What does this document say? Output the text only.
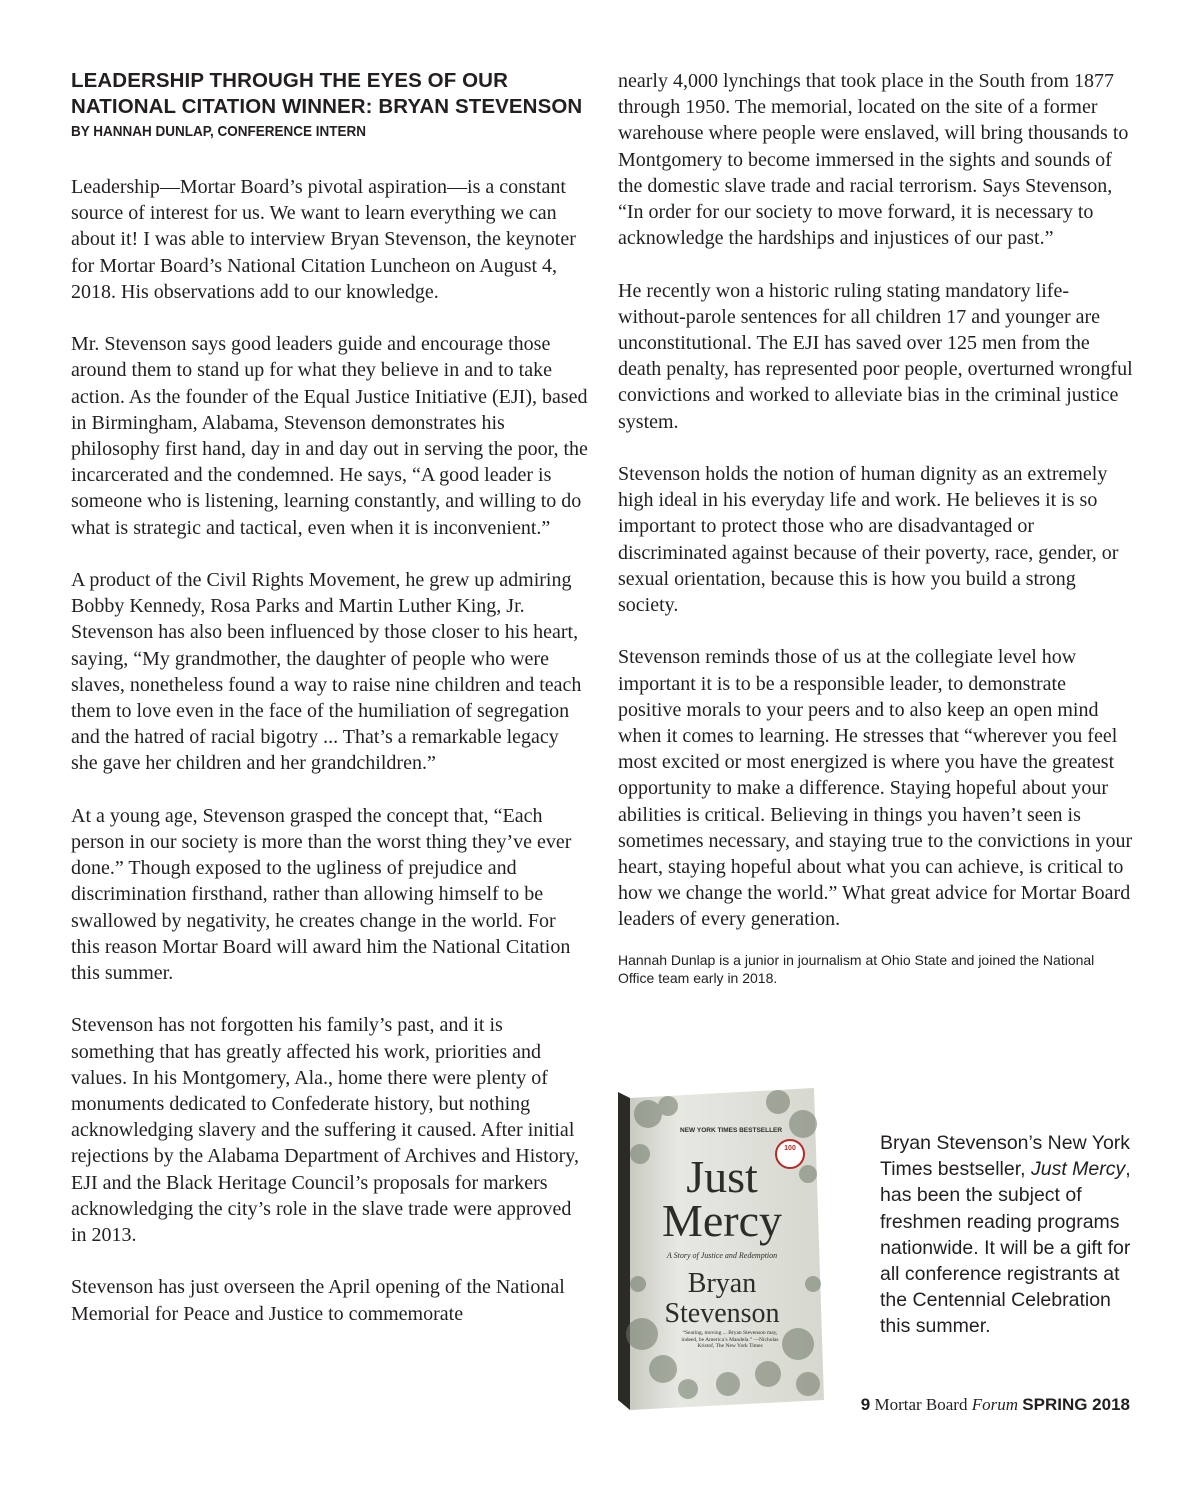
LEADERSHIP THROUGH THE EYES OF OUR
NATIONAL CITATION WINNER: BRYAN STEVENSON
BY HANNAH DUNLAP, CONFERENCE INTERN

Leadership—Mortar Board’s pivotal aspiration—is a constant source of interest for us. We want to learn everything we can about it! I was able to interview Bryan Stevenson, the keynoter for Mortar Board’s National Citation Luncheon on August 4, 2018. His observations add to our knowledge.

Mr. Stevenson says good leaders guide and encourage those around them to stand up for what they believe in and to take action. As the founder of the Equal Justice Initiative (EJI), based in Birmingham, Alabama, Stevenson demonstrates his philosophy first hand, day in and day out in serving the poor, the incarcerated and the condemned. He says, “A good leader is someone who is listening, learning constantly, and willing to do what is strategic and tactical, even when it is inconvenient.”

A product of the Civil Rights Movement, he grew up admiring Bobby Kennedy, Rosa Parks and Martin Luther King, Jr. Stevenson has also been influenced by those closer to his heart, saying, “My grandmother, the daughter of people who were slaves, nonetheless found a way to raise nine children and teach them to love even in the face of the humiliation of segregation and the hatred of racial bigotry ... That’s a remarkable legacy she gave her children and her grandchildren.”

At a young age, Stevenson grasped the concept that, “Each person in our society is more than the worst thing they’ve ever done.” Though exposed to the ugliness of prejudice and discrimination firsthand, rather than allowing himself to be swallowed by negativity, he creates change in the world. For this reason Mortar Board will award him the National Citation this summer.

Stevenson has not forgotten his family’s past, and it is something that has greatly affected his work, priorities and values. In his Montgomery, Ala., home there were plenty of monuments dedicated to Confederate history, but nothing acknowledging slavery and the suffering it caused. After initial rejections by the Alabama Department of Archives and History, EJI and the Black Heritage Council’s proposals for markers acknowledging the city’s role in the slave trade were approved in 2013.

Stevenson has just overseen the April opening of the National Memorial for Peace and Justice to commemorate

nearly 4,000 lynchings that took place in the South from 1877 through 1950. The memorial, located on the site of a former warehouse where people were enslaved, will bring thousands to Montgomery to become immersed in the sights and sounds of the domestic slave trade and racial terrorism. Says Stevenson, “In order for our society to move forward, it is necessary to acknowledge the hardships and injustices of our past.”

He recently won a historic ruling stating mandatory life-without-parole sentences for all children 17 and younger are unconstitutional. The EJI has saved over 125 men from the death penalty, has represented poor people, overturned wrongful convictions and worked to alleviate bias in the criminal justice system.

Stevenson holds the notion of human dignity as an extremely high ideal in his everyday life and work. He believes it is so important to protect those who are disadvantaged or discriminated against because of their poverty, race, gender, or sexual orientation, because this is how you build a strong society.

Stevenson reminds those of us at the collegiate level how important it is to be a responsible leader, to demonstrate positive morals to your peers and to also keep an open mind when it comes to learning. He stresses that “wherever you feel most excited or most energized is where you have the greatest opportunity to make a difference. Staying hopeful about your abilities is critical. Believing in things you haven’t seen is sometimes necessary, and staying true to the convictions in your heart, staying hopeful about what you can achieve, is critical to how we change the world.” What great advice for Mortar Board leaders of every generation.

Hannah Dunlap is a junior in journalism at Ohio State and joined the National Office team early in 2018.

NEW YORK TIMES BESTSELLER
100
Just
Mercy
A Story of Justice and Redemption
Bryan
Stevenson
“Searing, moving ... Bryan Stevenson may, indeed, be America’s Mandela.” —Nicholas Kristof, The New York Times

Bryan Stevenson’s New York Times bestseller, Just Mercy, has been the subject of freshmen reading programs nationwide. It will be a gift for all conference registrants at the Centennial Celebration this summer.

9 Mortar Board Forum SPRING 2018
